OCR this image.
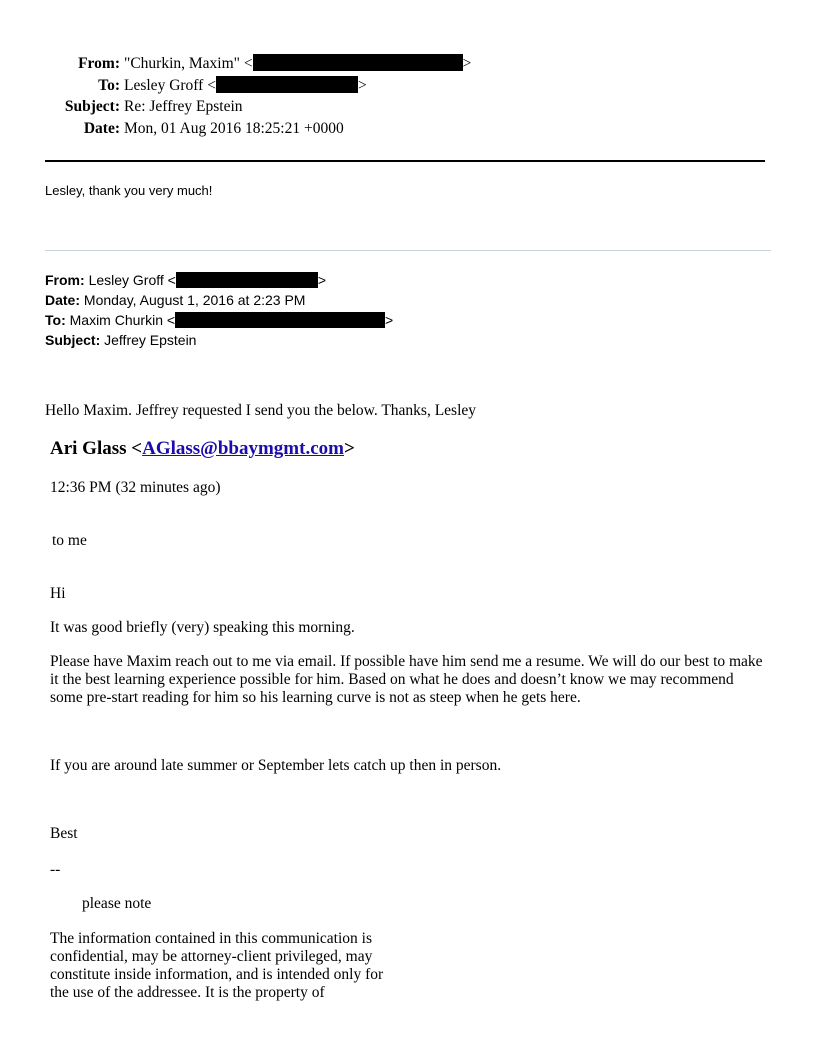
From: "Churkin, Maxim" <	>
To: Lesley Groff <	>
Subject: Re: Jeffrey Epstein
Date: Mon, 01 Aug 2016 18:25:21 +0000
Lesley, thank you very much!
From: Lesley Groff <	>
Date: Monday, August 1, 2016 at 2:23 PM
To: Maxim Churkin <	>
Subject: Jeffrey Epstein
Hello Maxim. Jeffrey requested I send you the below. Thanks, Lesley
Ari Glass <AGlass@bbaymgmt.com>
12:36 PM (32 minutes ago)
to me
Hi
It was good briefly (very) speaking this morning.
Please have Maxim reach out to me via email. If possible have him send me a resume. We will do our best to make it the best learning experience possible for him. Based on what he does and doesn’t know we may recommend some pre-start reading for him so his learning curve is not as steep when he gets here.
If you are around late summer or September lets catch up then in person.
Best
--
please note
The information contained in this communication is confidential, may be attorney-client privileged, may constitute inside information, and is intended only for the use of the addressee. It is the property of
